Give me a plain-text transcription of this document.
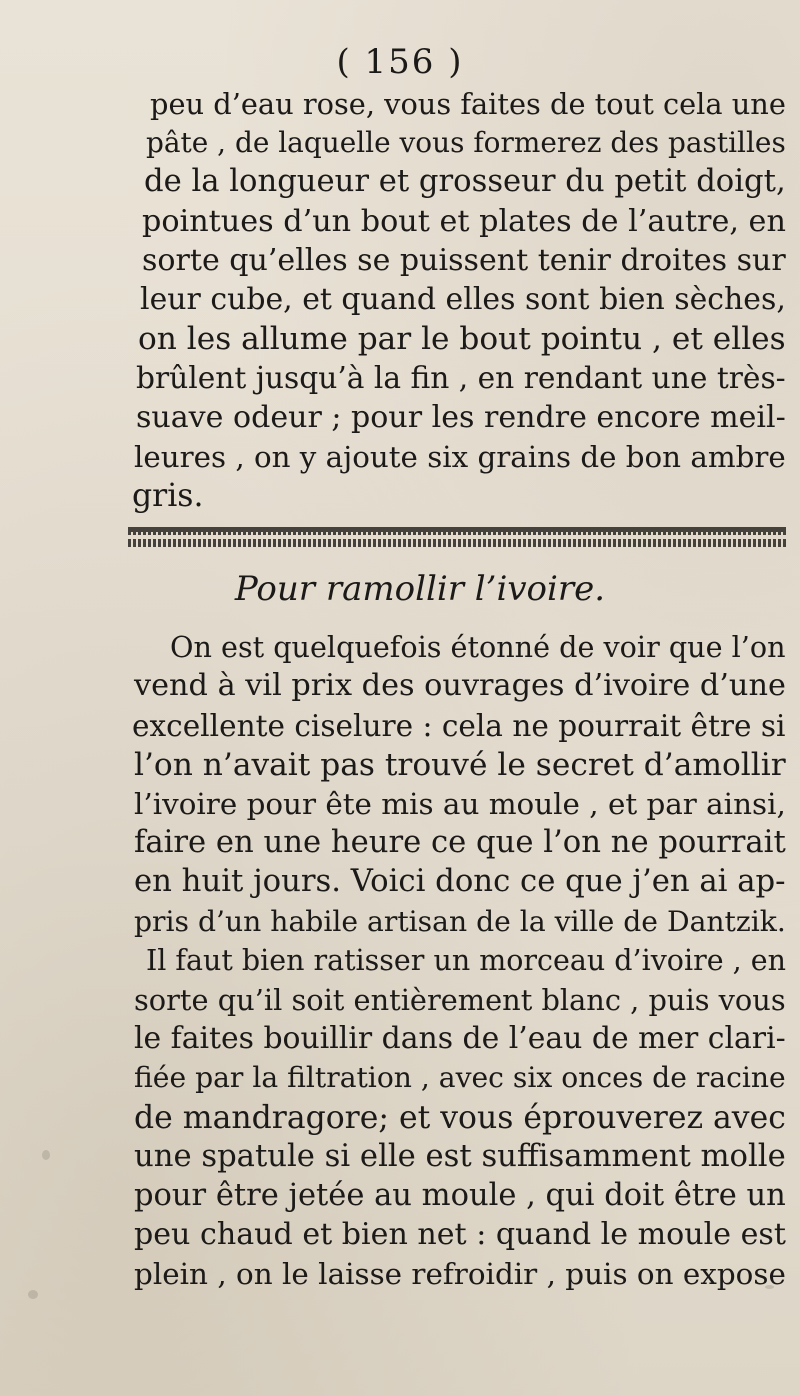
( 156 )
peu d’eau rose, vous faites de tout cela une
pâte , de laquelle vous formerez des pastilles
de la longueur et grosseur du petit doigt,
pointues d’un bout et plates de l’autre, en
sorte qu’elles se puissent tenir droites sur
leur cube, et quand elles sont bien sèches,
on les allume par le bout pointu , et elles
brûlent jusqu’à la fin , en rendant une très-
suave odeur ; pour les rendre encore meil-
leures , on y ajoute six grains de bon ambre
gris.
Pour ramollir l’ivoire.
On est quelquefois étonné de voir que l’on
vend à vil prix des ouvrages d’ivoire d’une
excellente ciselure : cela ne pourrait être si
l’on n’avait pas trouvé le secret d’amollir
l’ivoire pour ête mis au moule , et par ainsi,
faire en une heure ce que l’on ne pourrait
en huit jours. Voici donc ce que j’en ai ap-
pris d’un habile artisan de la ville de Dantzik.
Il faut bien ratisser un morceau d’ivoire , en
sorte qu’il soit entièrement blanc , puis vous
le faites bouillir dans de l’eau de mer clari-
fiée par la filtration , avec six onces de racine
de mandragore; et vous éprouverez avec
une spatule si elle est suffisamment molle
pour être jetée au moule , qui doit être un
peu chaud et bien net : quand le moule est
plein , on le laisse refroidir , puis on expose
